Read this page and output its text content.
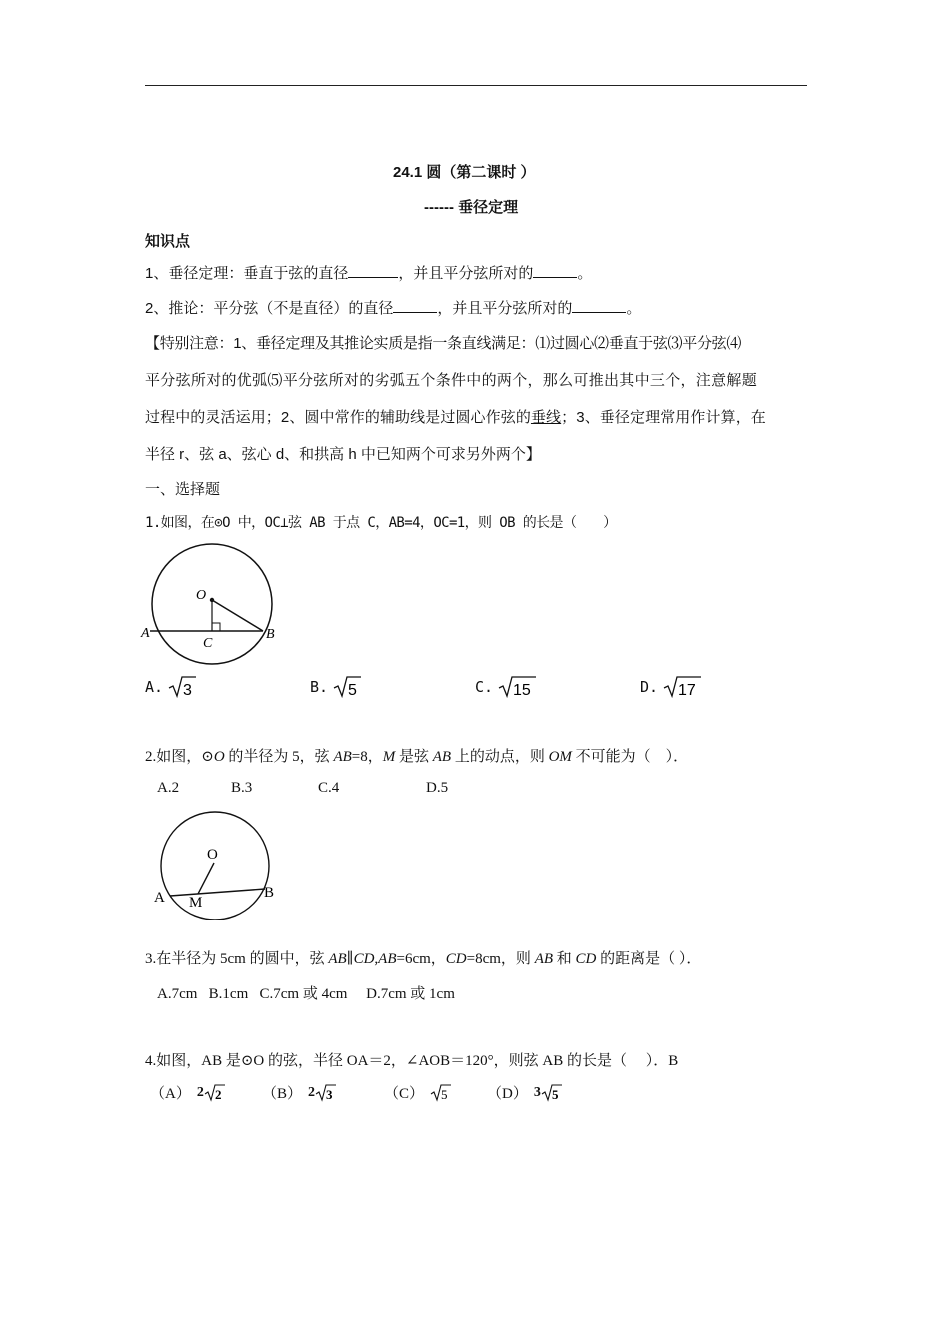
24.1 圆（第二课时 ）
------ 垂径定理
知识点
1、垂径定理：垂直于弦的直径	，并且平分弦所对的	。
2、推论：平分弦（不是直径）的直径	，并且平分弦所对的	。
【特别注意：1、垂径定理及其推论实质是指一条直线满足：⑴过圆心⑵垂直于弦⑶平分弦⑷
平分弦所对的优弧⑸平分弦所对的劣弧五个条件中的两个，那么可推出其中三个，注意解题
过程中的灵活运用；2、圆中常作的辅助线是过圆心作弦的垂线；3、垂径定理常用作计算，在
半径 r、弦 a、弦心 d、和拱高 h 中已知两个可求另外两个】
一、选择题
1.如图，在⊙O 中，OC⊥弦 AB 于点 C，AB=4，OC=1，则 OB 的长是（　　）
O
A	B
C
A. 3	B. 5	C. 15	D. 17
2.如图，⊙O 的半径为 5，弦 AB=8，M 是弦 AB 上的动点，则 OM 不可能为（　）．
A.2	B.3	C.4	D.5
O
A	B
M
3.在半径为 5cm 的圆中，弦 AB∥CD,AB=6cm，CD=8cm，则 AB 和 CD 的距离是（ ）．
A.7cm   B.1cm   C.7cm 或 4cm     D.7cm 或 1cm
4.如图，AB 是⊙O 的弦，半径 OA＝2，∠AOB＝120°，则弦 AB 的长是（　 ）．B
（A） 2 2	（B） 2 3	（C） 5	（D） 3 5
